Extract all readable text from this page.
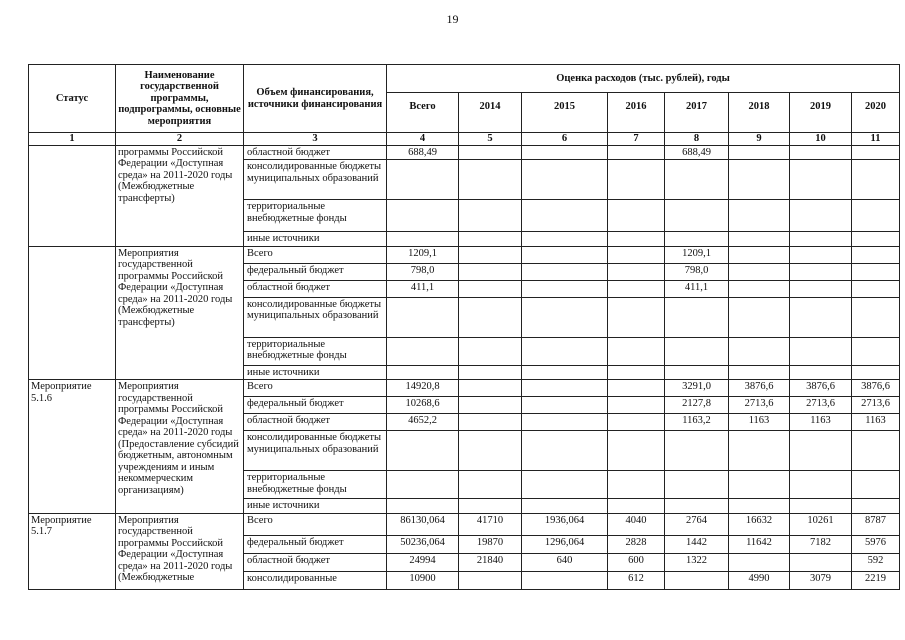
19
Статус	Наименование государственной программы, подпрограммы, основные мероприятия	Объем финансирования, источники финансирования	Оценка расходов (тыс. рублей), годы							
			Всего	2014	2015	2016	2017	2018	2019	2020
1	2	3	4	5	6	7	8	9	10	11
	программы Российской Федерации «Доступная среда» на 2011-2020 годы (Межбюджетные трансферты)	областной бюджет	688,49				688,49			
		консолидированные бюджеты муниципальных образований								
		территориальные внебюджетные фонды								
		иные источники								
	Мероприятия государственной программы Российской Федерации «Доступная среда» на 2011-2020 годы (Межбюджетные трансферты)	Всего	1209,1				1209,1			
		федеральный бюджет	798,0				798,0			
		областной бюджет	411,1				411,1			
		консолидированные бюджеты муниципальных образований								
		территориальные внебюджетные фонды								
		иные источники								
Мероприятие 5.1.6	Мероприятия государственной программы Российской Федерации «Доступная среда» на 2011-2020 годы (Предоставление субсидий бюджетным, автономным учреждениям и иным некоммерческим организациям)	Всего	14920,8				3291,0	3876,6	3876,6	3876,6
		федеральный бюджет	10268,6				2127,8	2713,6	2713,6	2713,6
		областной бюджет	4652,2				1163,2	1163	1163	1163
		консолидированные бюджеты муниципальных образований								
		территориальные внебюджетные фонды								
		иные источники								
Мероприятие 5.1.7	Мероприятия государственной программы Российской Федерации «Доступная среда» на 2011-2020 годы (Межбюджетные	Всего	86130,064	41710	1936,064	4040	2764	16632	10261	8787
		федеральный бюджет	50236,064	19870	1296,064	2828	1442	11642	7182	5976
		областной бюджет	24994	21840	640	600	1322			592
		консолидированные	10900			612		4990	3079	2219
